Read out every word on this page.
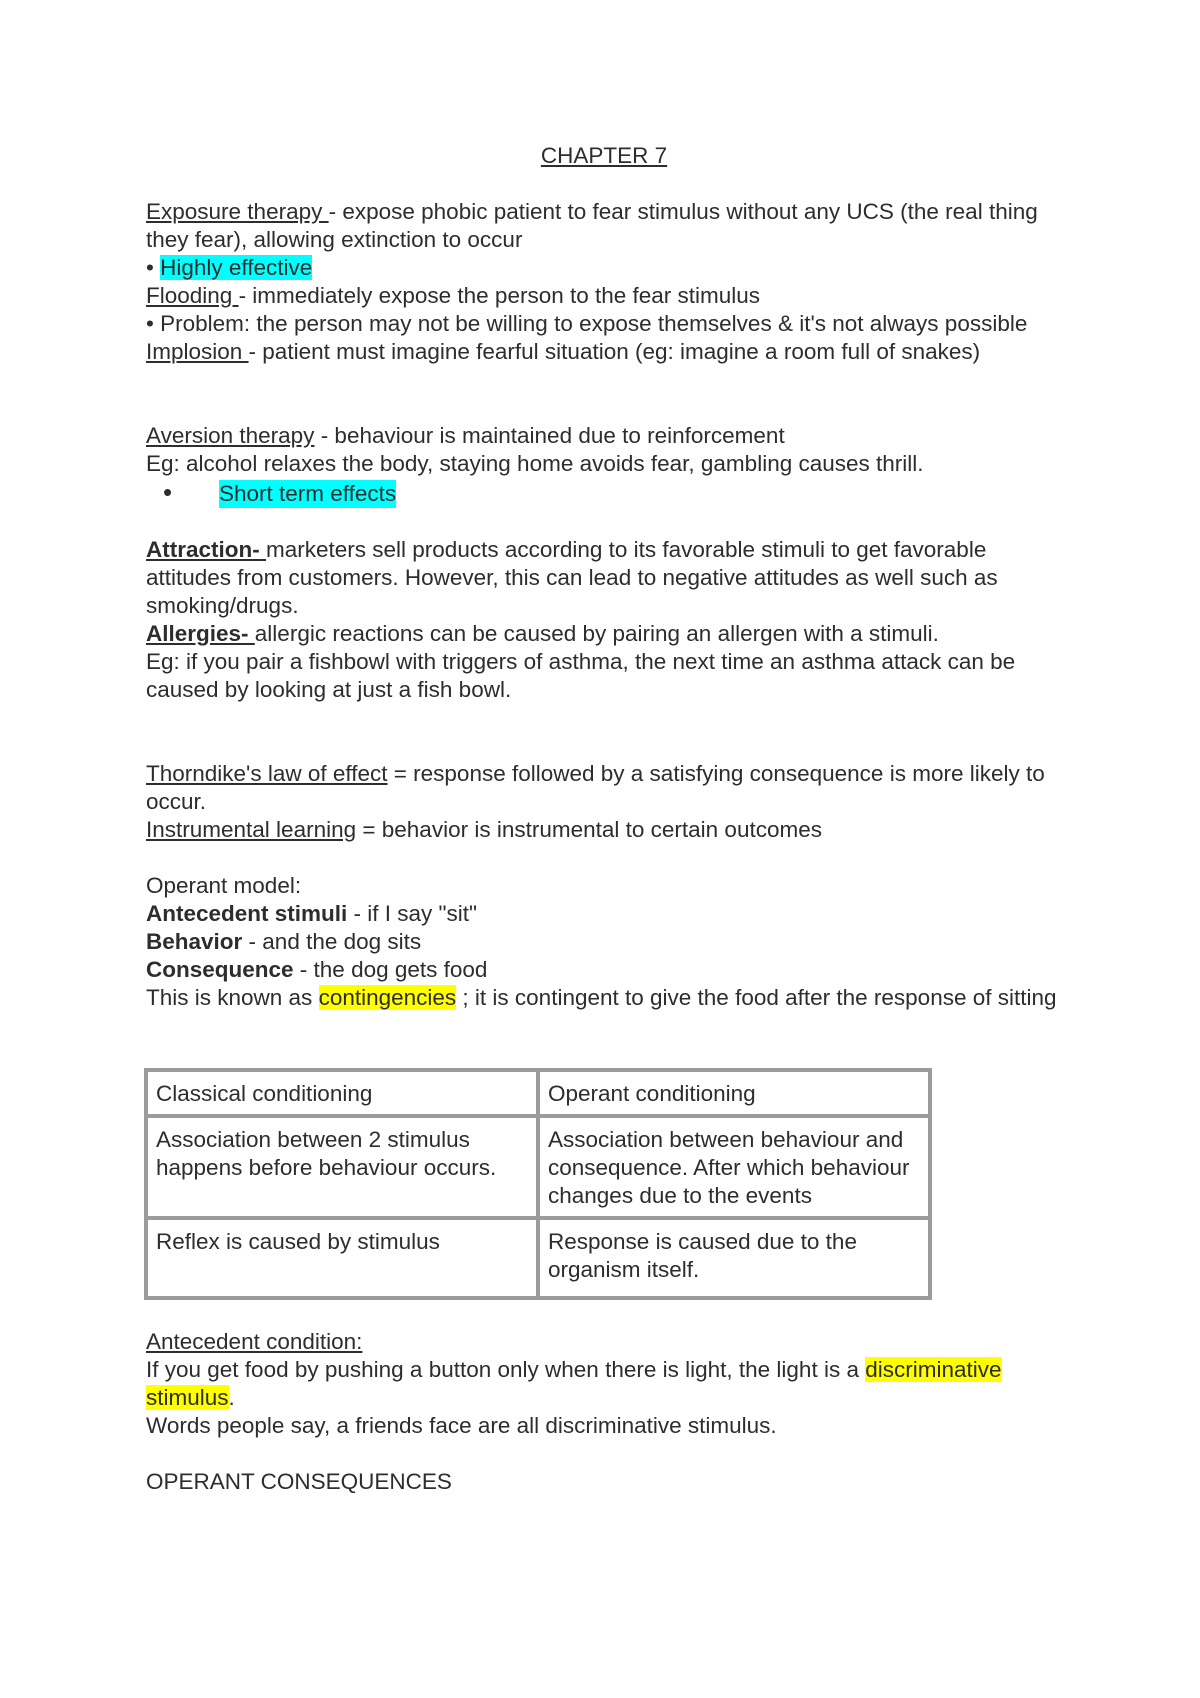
CHAPTER 7

Exposure therapy - expose phobic patient to fear stimulus without any UCS (the real thing they fear), allowing extinction to occur

• Highly effective

Flooding - immediately expose the person to the fear stimulus

• Problem: the person may not be willing to expose themselves & it's not always possible

Implosion - patient must imagine fearful situation (eg: imagine a room full of snakes)

Aversion therapy - behaviour is maintained due to reinforcement

Eg: alcohol relaxes the body, staying home avoids fear, gambling causes thrill.

•	Short term effects

Attraction- marketers sell products according to its favorable stimuli to get favorable attitudes from customers. However, this can lead to negative attitudes as well such as smoking/drugs.

Allergies- allergic reactions can be caused by pairing an allergen with a stimuli.

Eg: if you pair a fishbowl with triggers of asthma, the next time an asthma attack can be caused by looking at just a fish bowl.

Thorndike's law of effect = response followed by a satisfying consequence is more likely to occur.

Instrumental learning = behavior is instrumental to certain outcomes

Operant model:

Antecedent stimuli - if I say "sit"

Behavior - and the dog sits

Consequence - the dog gets food

This is known as contingencies ; it is contingent to give the food after the response of sitting

Classical conditioning	Operant conditioning
Association between 2 stimulus happens before behaviour occurs.	Association between behaviour and consequence. After which behaviour changes due to the events
Reflex is caused by stimulus	Response is caused due to the organism itself.

Antecedent condition:

If you get food by pushing a button only when there is light, the light is a discriminative stimulus.

Words people say, a friends face are all discriminative stimulus.

OPERANT CONSEQUENCES
